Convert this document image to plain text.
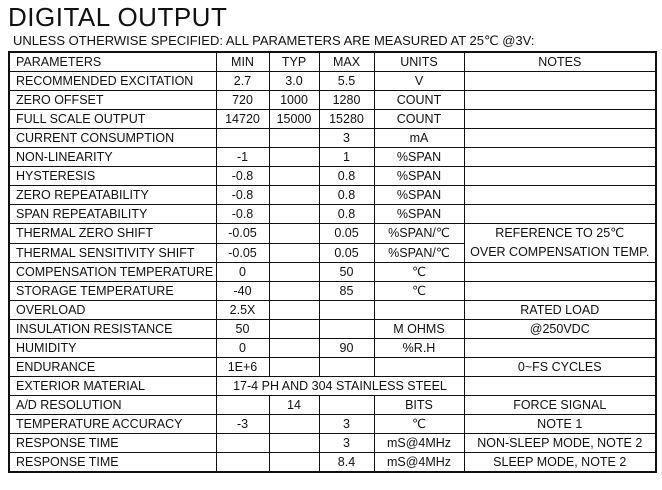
DIGITAL OUTPUT
UNLESS OTHERWISE SPECIFIED: ALL PARAMETERS ARE MEASURED AT 25℃ @3V:
PARAMETERS	MIN	TYP	MAX	UNITS	NOTES
RECOMMENDED EXCITATION	2.7	3.0	5.5	V	
ZERO OFFSET	720	1000	1280	COUNT	
FULL SCALE OUTPUT	14720	15000	15280	COUNT	
CURRENT CONSUMPTION			3	mA	
NON-LINEARITY	-1		1	%SPAN	
HYSTERESIS	-0.8		0.8	%SPAN	
ZERO REPEATABILITY	-0.8		0.8	%SPAN	
SPAN REPEATABILITY	-0.8		0.8	%SPAN	
THERMAL ZERO SHIFT	-0.05		0.05	%SPAN/℃	REFERENCE TO 25℃
OVER COMPENSATION TEMP.

THERMAL SENSITIVITY SHIFT	-0.05		0.05	%SPAN/℃	
COMPENSATION TEMPERATURE	0		50	℃	
STORAGE TEMPERATURE	-40		85	℃	
OVERLOAD	2.5X				RATED LOAD
INSULATION RESISTANCE	50			M OHMS	@250VDC
HUMIDITY	0		90	%R.H	
ENDURANCE	1E+6				0~FS CYCLES
EXTERIOR MATERIAL	17-4 PH AND 304 STAINLESS STEEL				
A/D RESOLUTION		14		BITS	FORCE SIGNAL
TEMPERATURE ACCURACY	-3		3	℃	NOTE 1
RESPONSE TIME			3	mS@4MHz	NON-SLEEP MODE, NOTE 2
RESPONSE TIME			8.4	mS@4MHz	SLEEP MODE, NOTE 2
